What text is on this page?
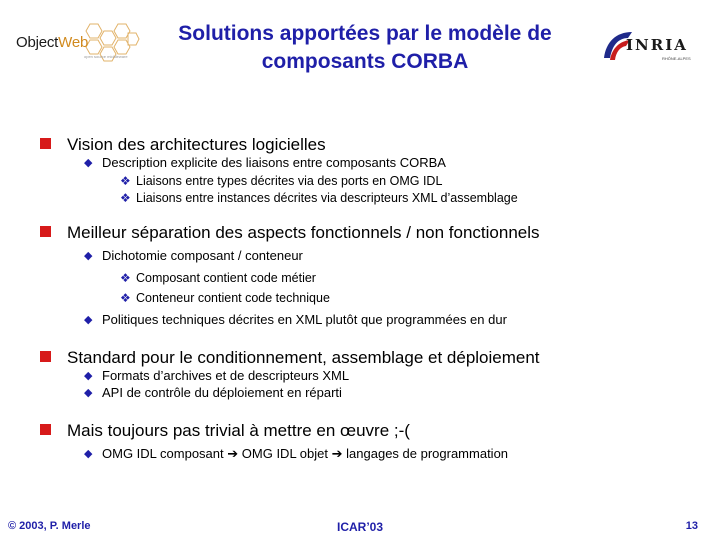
ObjectWeb
open source middleware
Solutions apportées par le modèle de
composants CORBA
INRIA
RHÔNE-ALPES
Vision des architectures logicielles
◆ Description explicite des liaisons entre composants CORBA
❖ Liaisons entre types décrites via des ports en OMG IDL
❖ Liaisons entre instances décrites via descripteurs XML d’assemblage
Meilleur séparation des aspects fonctionnels / non fonctionnels
◆ Dichotomie composant / conteneur
❖ Composant contient code métier
❖ Conteneur contient code technique
◆ Politiques techniques décrites en XML plutôt que programmées en dur
Standard pour le conditionnement, assemblage et déploiement
◆ Formats d’archives et de descripteurs XML
◆ API de contrôle du déploiement en réparti
Mais toujours pas trivial à mettre en œuvre ;-(
◆ OMG IDL composant ➔ OMG IDL objet ➔ langages de programmation
© 2003, P. Merle	ICAR’03	13
